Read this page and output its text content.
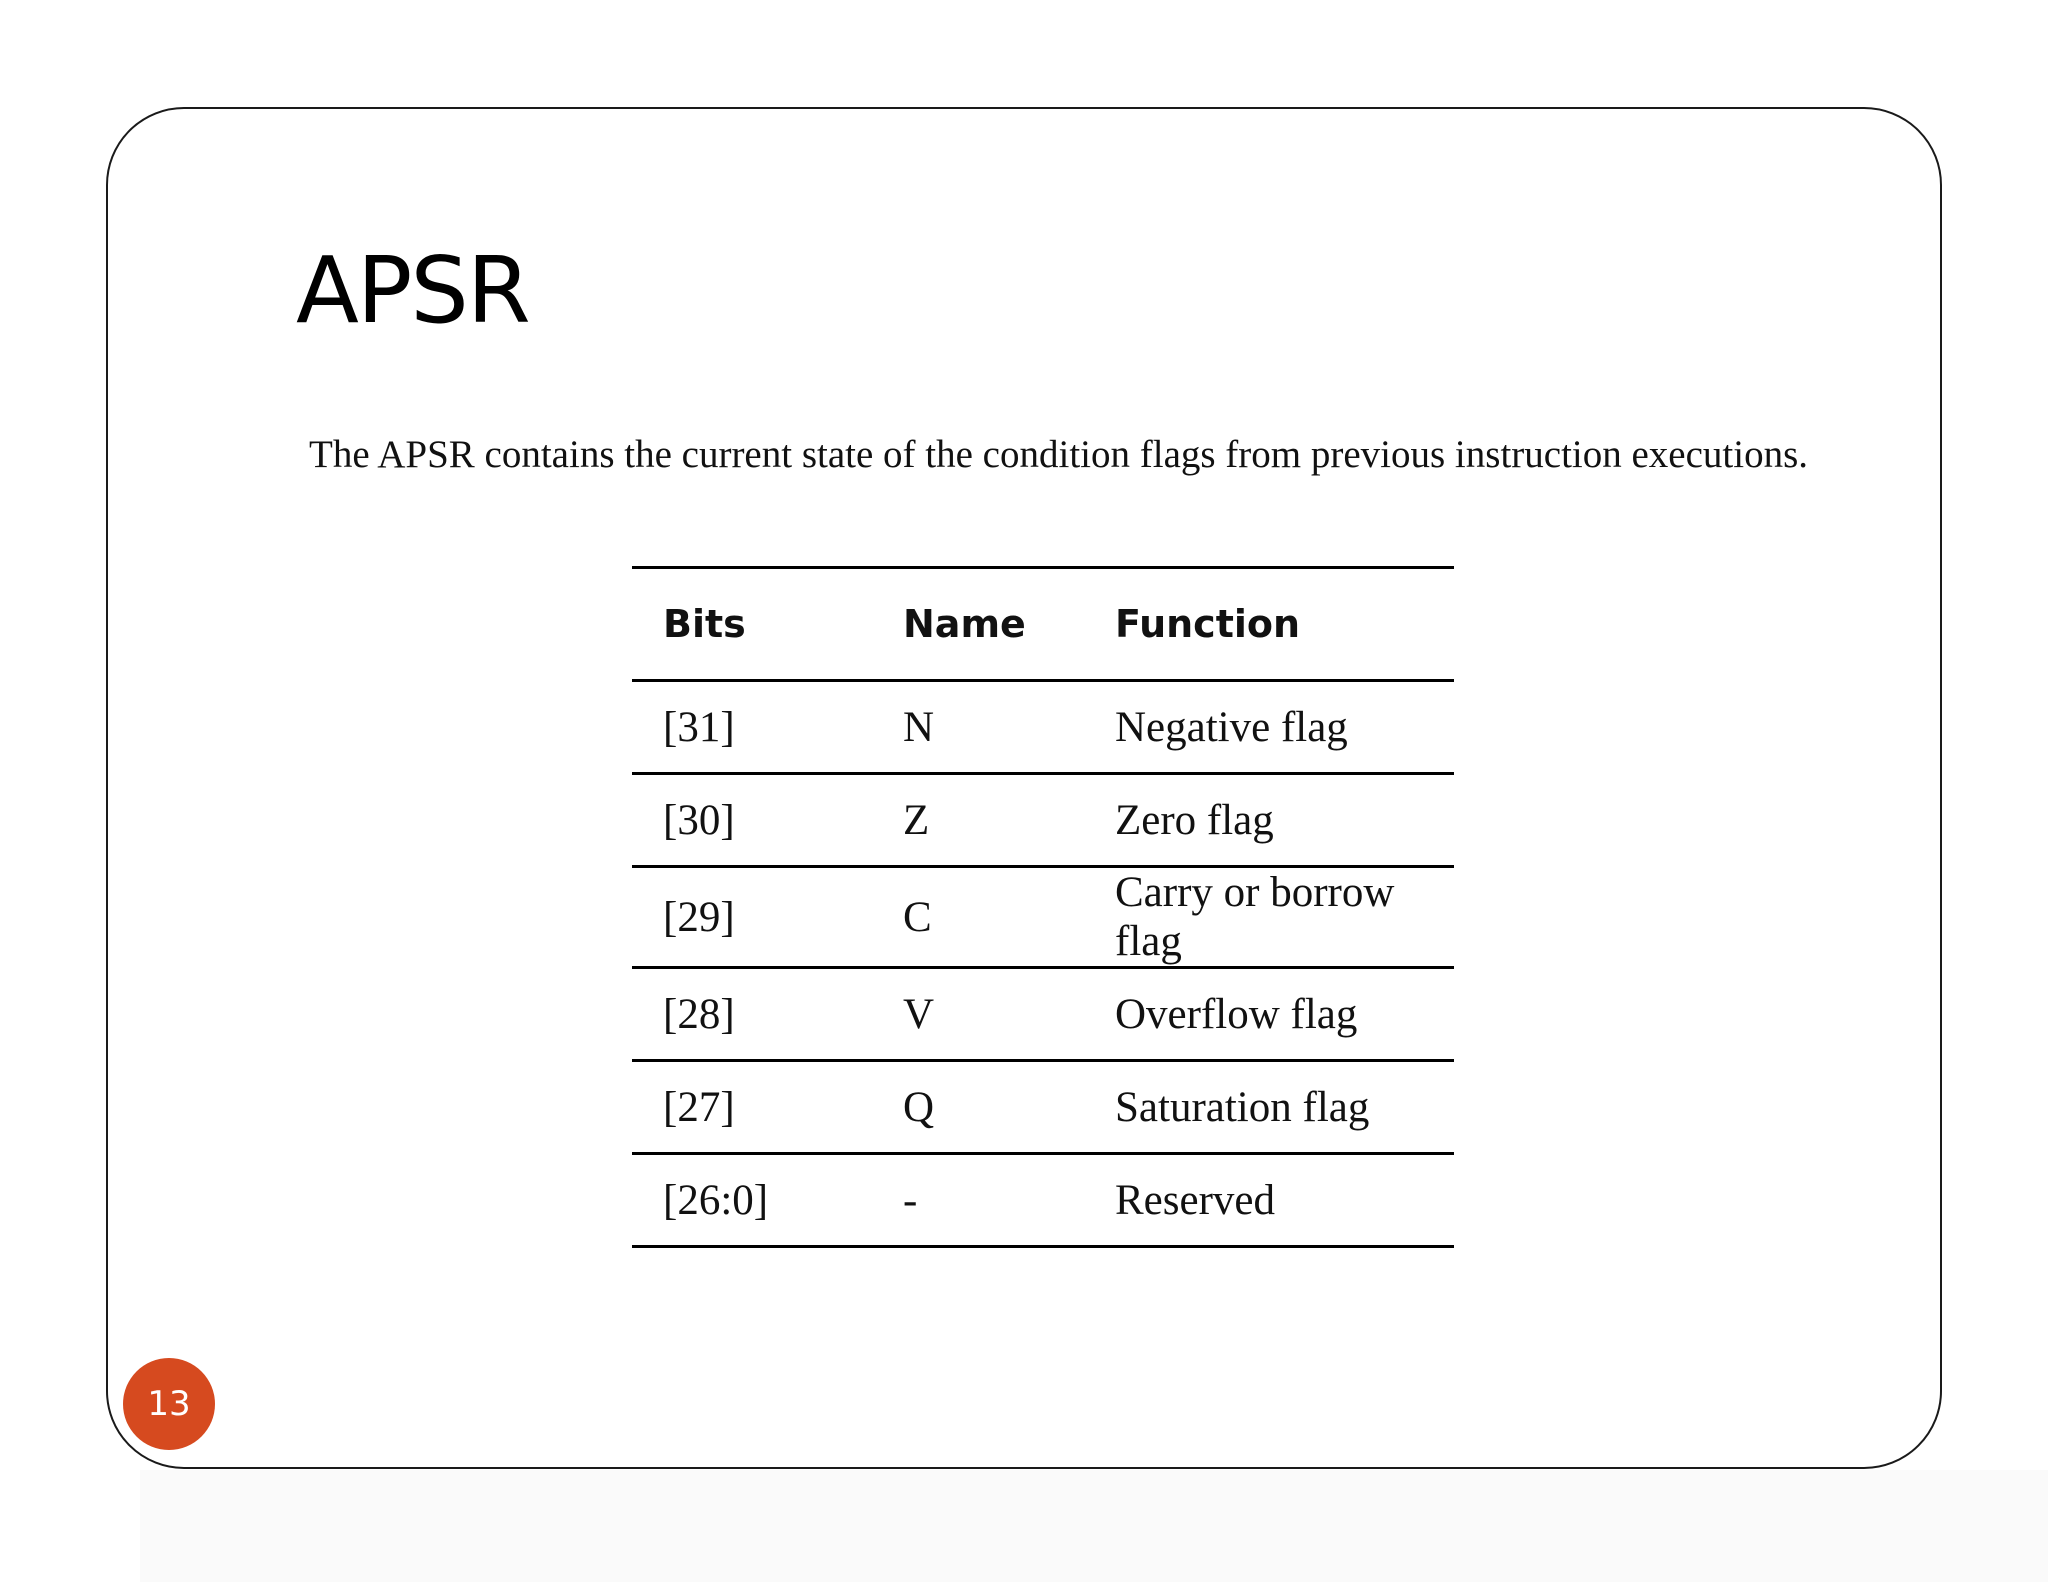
APSR

The APSR contains the current state of the condition flags from previous instruction executions.

Bits	Name	Function
[31]	N	Negative flag
[30]	Z	Zero flag
[29]	C	Carry or borrow flag
[28]	V	Overflow flag
[27]	Q	Saturation flag
[26:0]	-	Reserved
13
